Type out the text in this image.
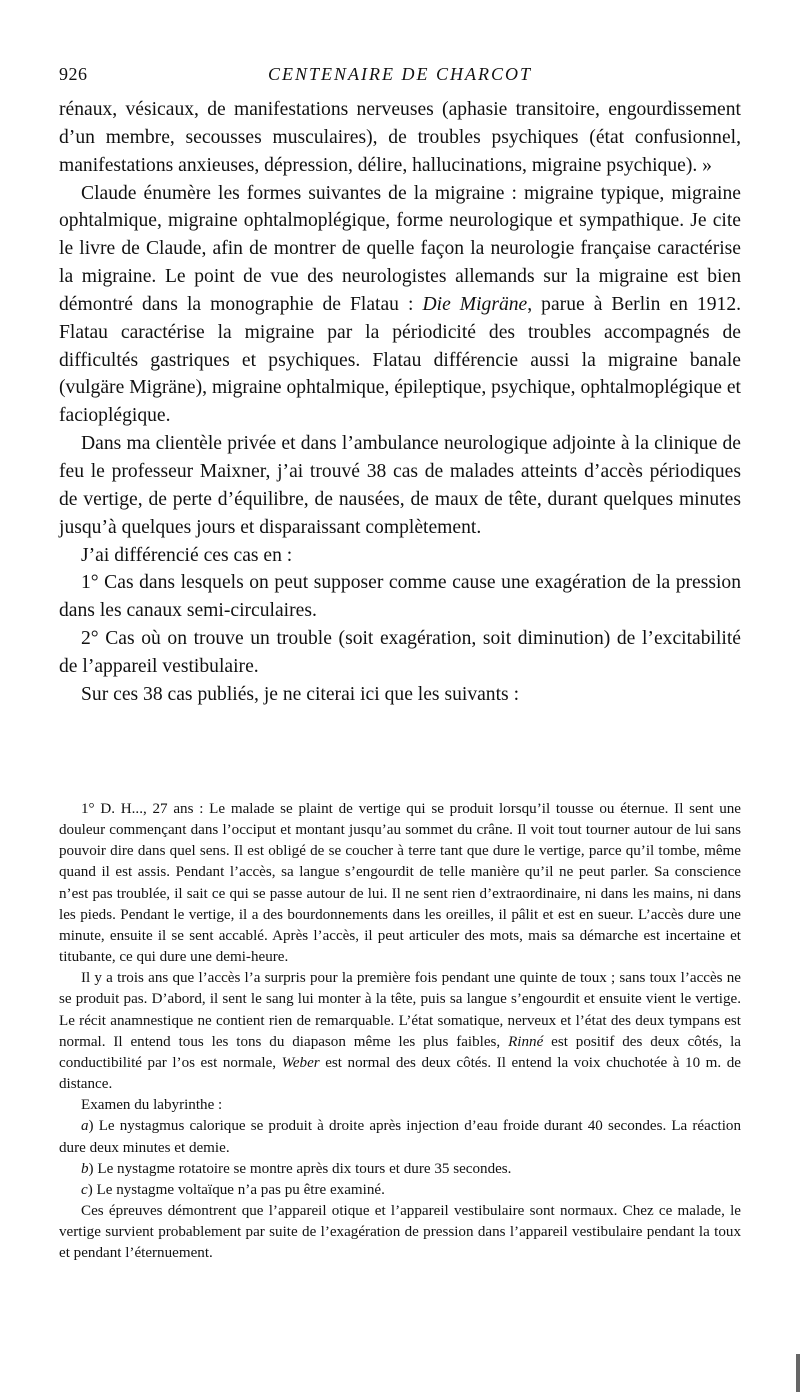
926	CENTENAIRE DE CHARCOT

rénaux, vésicaux, de manifestations nerveuses (aphasie transitoire, engourdissement d’un membre, secousses musculaires), de troubles psychiques (état confusionnel, manifestations anxieuses, dépression, délire, hallucinations, migraine psychique). »

Claude énumère les formes suivantes de la migraine : migraine typique, migraine ophtalmique, migraine ophtalmoplégique, forme neurologique et sympathique. Je cite le livre de Claude, afin de montrer de quelle façon la neurologie française caractérise la migraine. Le point de vue des neurologistes allemands sur la migraine est bien démontré dans la monographie de Flatau : Die Migräne, parue à Berlin en 1912. Flatau caractérise la migraine par la périodicité des troubles accompagnés de difficultés gastriques et psychiques. Flatau différencie aussi la migraine banale (vulgäre Migräne), migraine ophtalmique, épileptique, psychique, ophtalmoplégique et facioplégique.

Dans ma clientèle privée et dans l’ambulance neurologique adjointe à la clinique de feu le professeur Maixner, j’ai trouvé 38 cas de malades atteints d’accès périodiques de vertige, de perte d’équilibre, de nausées, de maux de tête, durant quelques minutes jusqu’à quelques jours et disparaissant complètement.

J’ai différencié ces cas en :

1° Cas dans lesquels on peut supposer comme cause une exagération de la pression dans les canaux semi-circulaires.

2° Cas où on trouve un trouble (soit exagération, soit diminution) de l’excitabilité de l’appareil vestibulaire.

Sur ces 38 cas publiés, je ne citerai ici que les suivants :

1° D. H..., 27 ans : Le malade se plaint de vertige qui se produit lorsqu’il tousse ou éternue. Il sent une douleur commençant dans l’occiput et montant jusqu’au sommet du crâne. Il voit tout tourner autour de lui sans pouvoir dire dans quel sens. Il est obligé de se coucher à terre tant que dure le vertige, parce qu’il tombe, même quand il est assis. Pendant l’accès, sa langue s’engourdit de telle manière qu’il ne peut parler. Sa conscience n’est pas troublée, il sait ce qui se passe autour de lui. Il ne sent rien d’extraordinaire, ni dans les mains, ni dans les pieds. Pendant le vertige, il a des bourdonnements dans les oreilles, il pâlit et est en sueur. L’accès dure une minute, ensuite il se sent accablé. Après l’accès, il peut articuler des mots, mais sa démarche est incertaine et titubante, ce qui dure une demi-heure.

Il y a trois ans que l’accès l’a surpris pour la première fois pendant une quinte de toux ; sans toux l’accès ne se produit pas. D’abord, il sent le sang lui monter à la tête, puis sa langue s’engourdit et ensuite vient le vertige. Le récit anamnestique ne contient rien de remarquable. L’état somatique, nerveux et l’état des deux tympans est normal. Il entend tous les tons du diapason même les plus faibles, Rinné est positif des deux côtés, la conductibilité par l’os est normale, Weber est normal des deux côtés. Il entend la voix chuchotée à 10 m. de distance.

Examen du labyrinthe :

a) Le nystagmus calorique se produit à droite après injection d’eau froide durant 40 secondes. La réaction dure deux minutes et demie.

b) Le nystagme rotatoire se montre après dix tours et dure 35 secondes.

c) Le nystagme voltaïque n’a pas pu être examiné.

Ces épreuves démontrent que l’appareil otique et l’appareil vestibulaire sont normaux. Chez ce malade, le vertige survient probablement par suite de l’exagération de pression dans l’appareil vestibulaire pendant la toux et pendant l’éternuement.
